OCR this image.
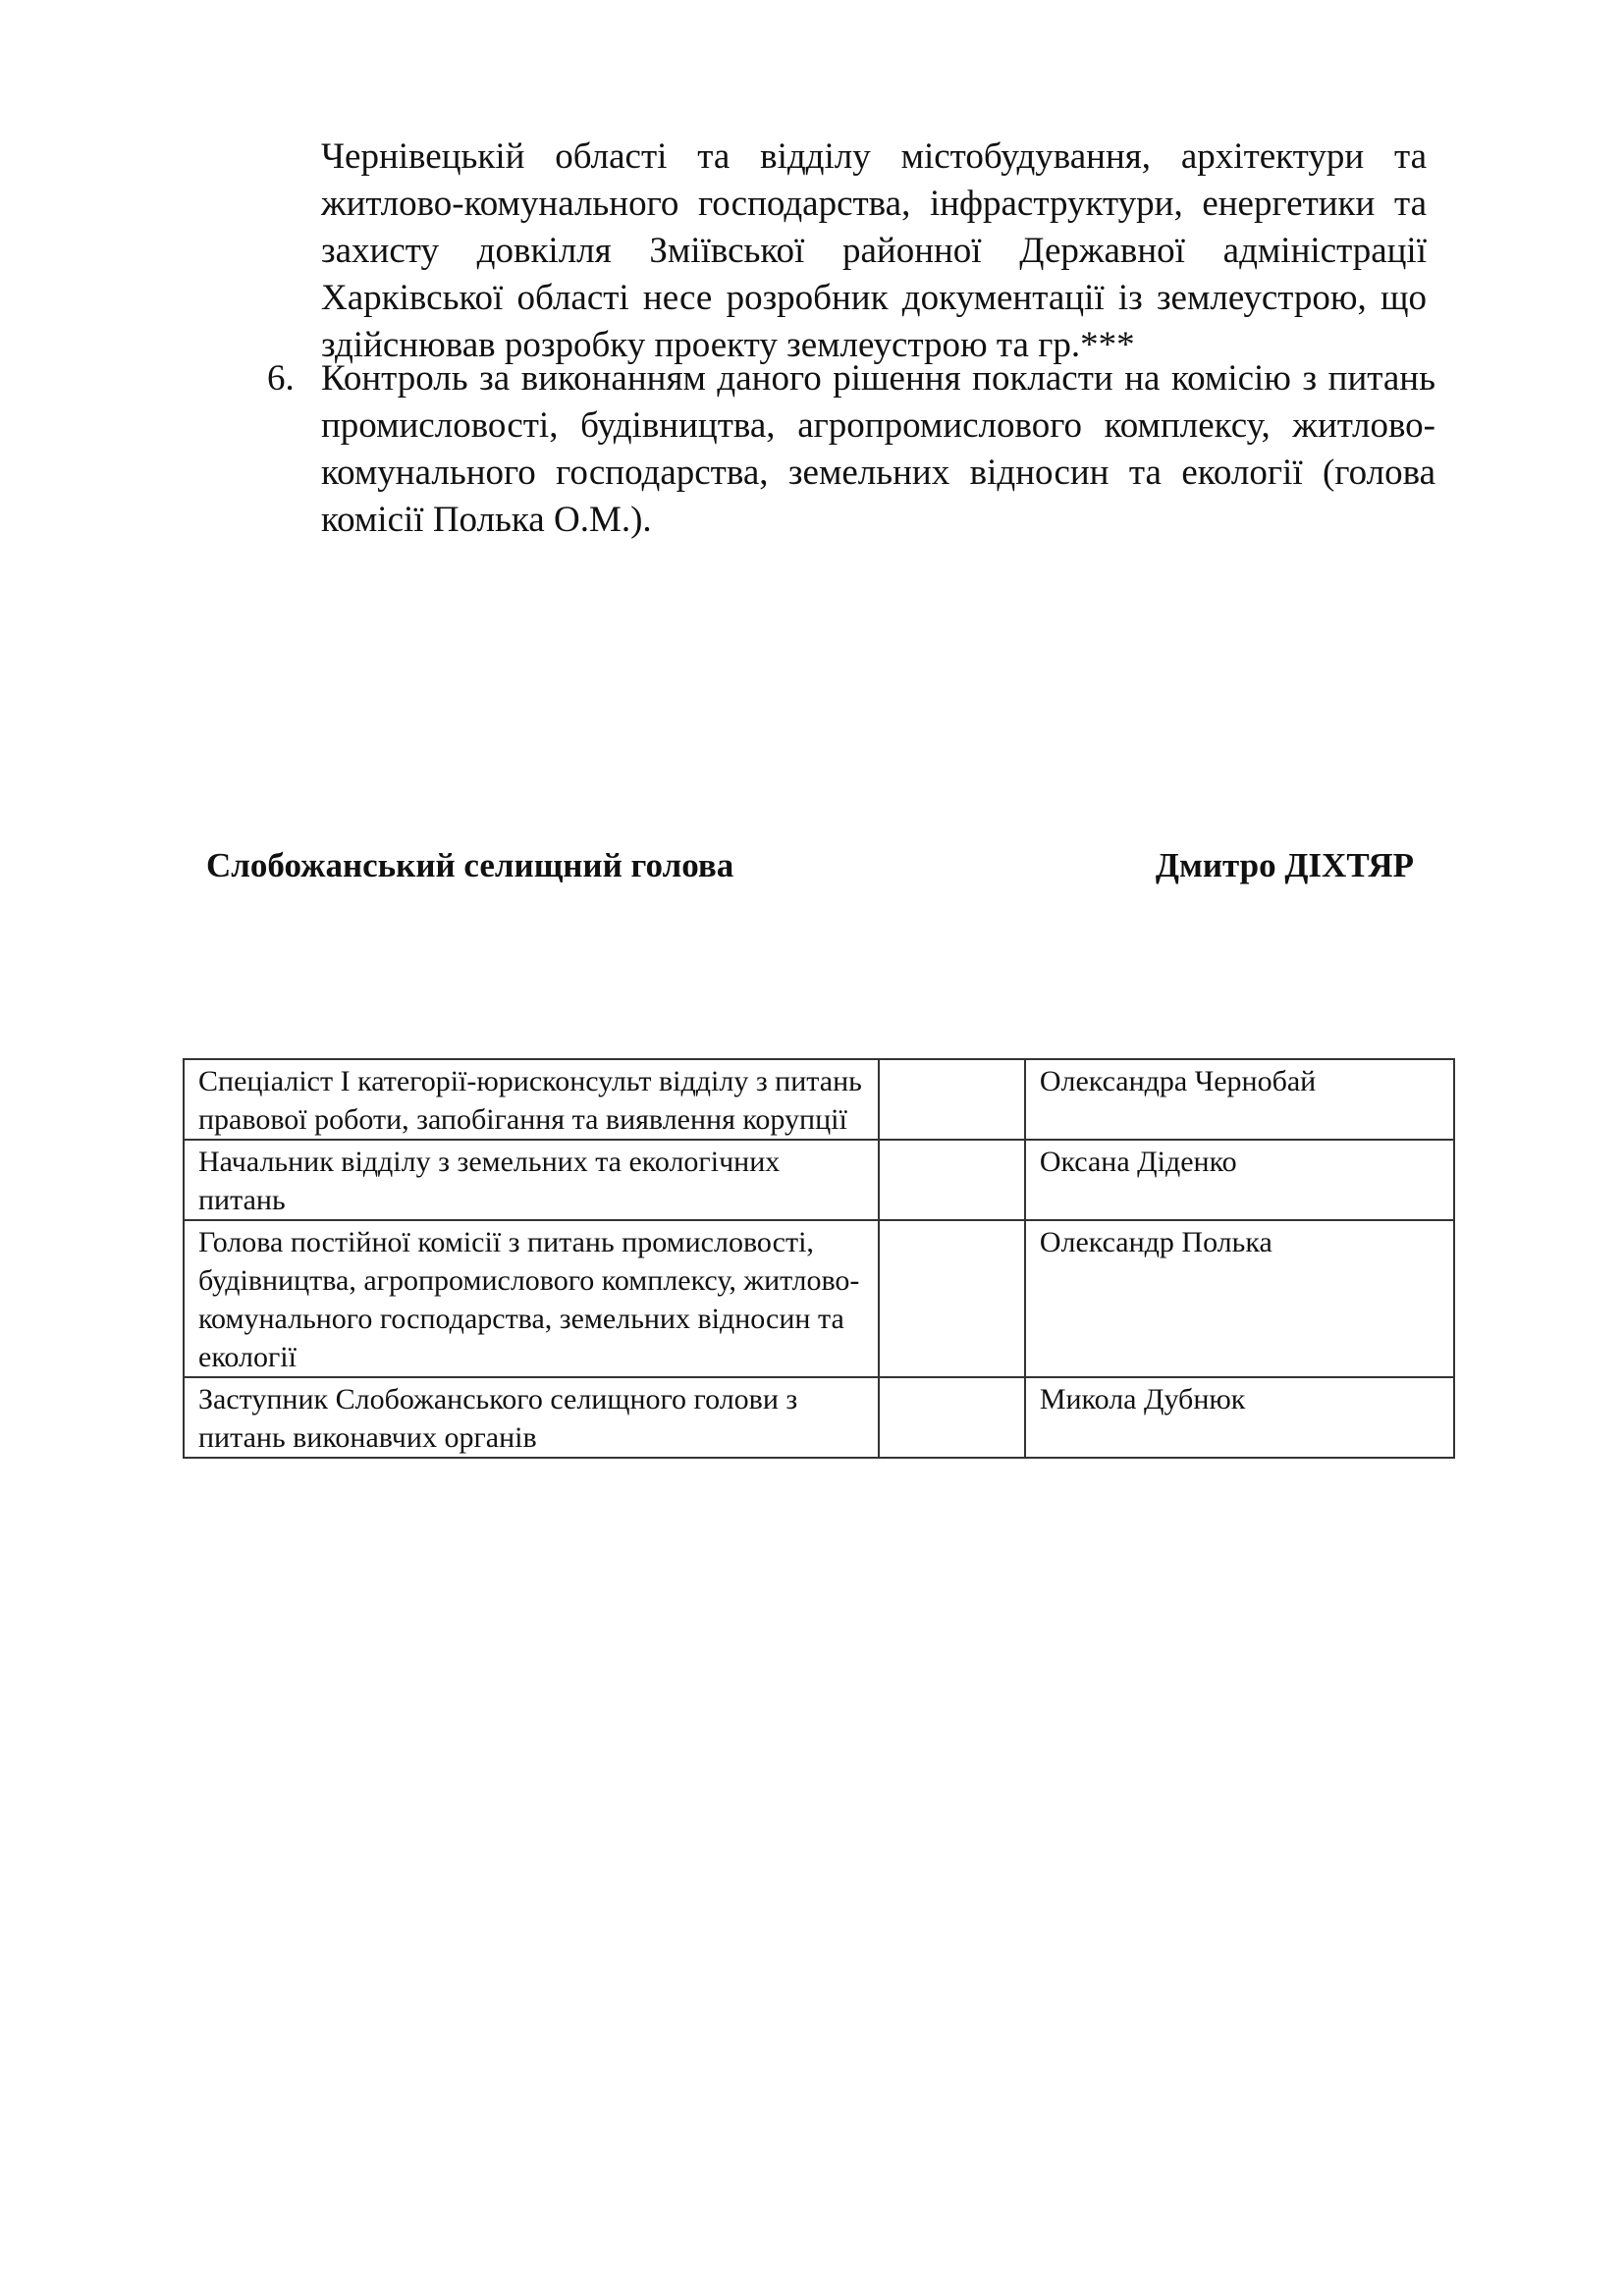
Чернівецькій області та відділу містобудування, архітектури та житлово-комунального господарства, інфраструктури, енергетики та захисту довкілля Зміївської районної Державної адміністрації Харківської області несе розробник документації із землеустрою, що здійснював розробку проекту землеустрою та гр.***

6. Контроль за виконанням даного рішення покласти на комісію з питань промисловості, будівництва, агропромислового комплексу, житлово-комунального господарства, земельних відносин та екології (голова комісії Полька О.М.).
Слобожанський селищний голова	Дмитро ДІХТЯР
Спеціаліст І категорії-юрисконсульт відділу з питань правової роботи, запобігання та виявлення корупції		Олександра Чернобай
Начальник відділу з земельних та екологічних питань		Оксана Діденко
Голова постійної комісії з питань промисловості, будівництва, агропромислового комплексу, житлово-комунального господарства, земельних відносин та екології		Олександр Полька
Заступник Слобожанського селищного голови з питань виконавчих органів		Микола Дубнюк
